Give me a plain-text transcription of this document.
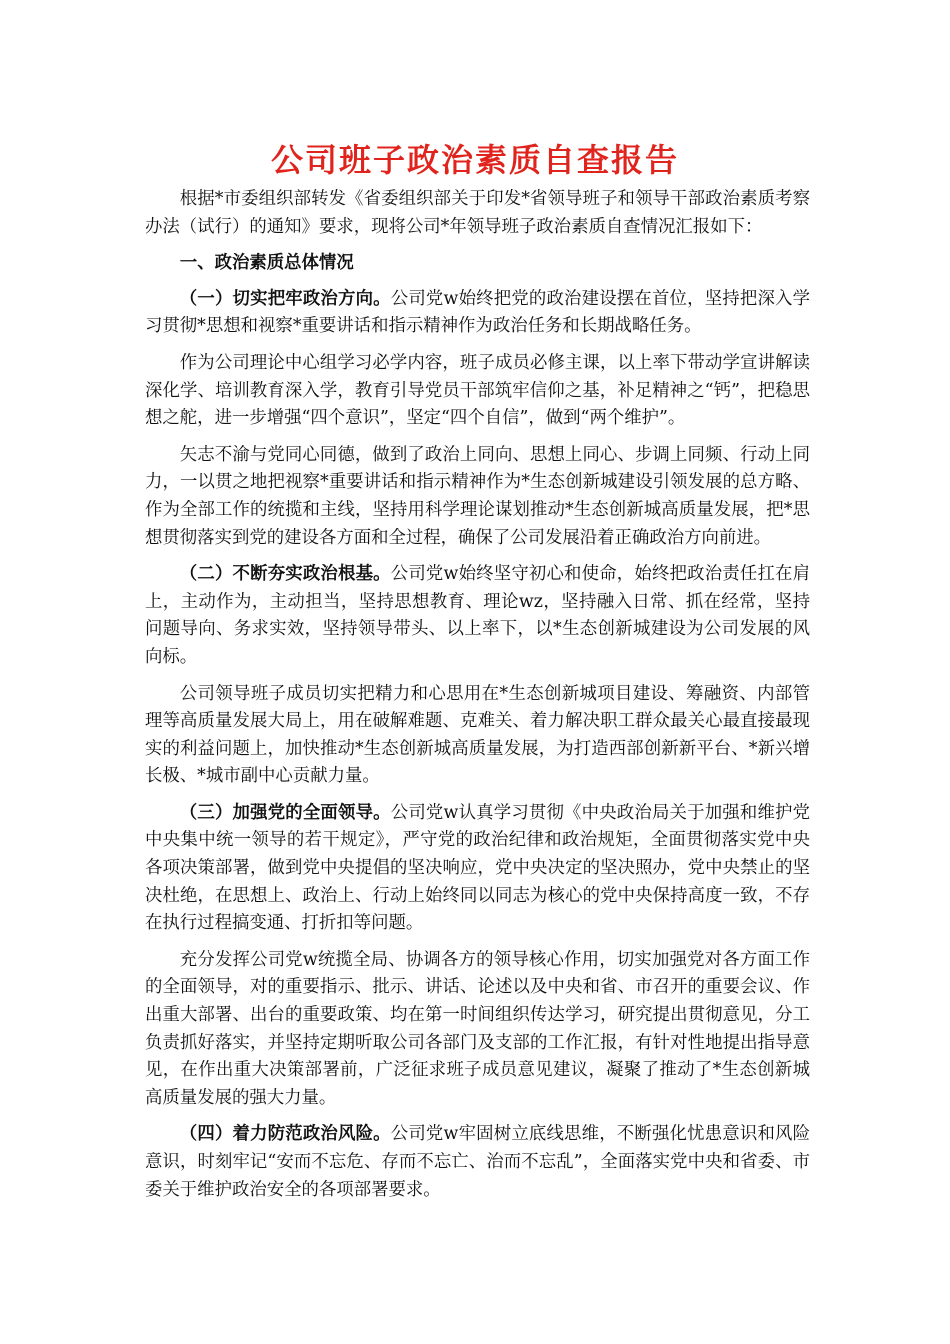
公司班子政治素质自查报告

根据*市委组织部转发《省委组织部关于印发*省领导班子和领导干部政治素质考察办法（试行）的通知》要求，现将公司*年领导班子政治素质自查情况汇报如下：

一、政治素质总体情况

（一）切实把牢政治方向。公司党w始终把党的政治建设摆在首位，坚持把深入学习贯彻*思想和视察*重要讲话和指示精神作为政治任务和长期战略任务。

作为公司理论中心组学习必学内容，班子成员必修主课，以上率下带动学宣讲解读深化学、培训教育深入学，教育引导党员干部筑牢信仰之基，补足精神之“钙”，把稳思想之舵，进一步增强“四个意识”，坚定“四个自信”，做到“两个维护”。

矢志不渝与党同心同德，做到了政治上同向、思想上同心、步调上同频、行动上同力，一以贯之地把视察*重要讲话和指示精神作为*生态创新城建设引领发展的总方略、作为全部工作的统揽和主线，坚持用科学理论谋划推动*生态创新城高质量发展，把*思想贯彻落实到党的建设各方面和全过程，确保了公司发展沿着正确政治方向前进。

（二）不断夯实政治根基。公司党w始终坚守初心和使命，始终把政治责任扛在肩上，主动作为，主动担当，坚持思想教育、理论wz，坚持融入日常、抓在经常，坚持问题导向、务求实效，坚持领导带头、以上率下，以*生态创新城建设为公司发展的风向标。

公司领导班子成员切实把精力和心思用在*生态创新城项目建设、筹融资、内部管理等高质量发展大局上，用在破解难题、克难关、着力解决职工群众最关心最直接最现实的利益问题上，加快推动*生态创新城高质量发展，为打造西部创新新平台、*新兴增长极、*城市副中心贡献力量。

（三）加强党的全面领导。公司党w认真学习贯彻《中央政治局关于加强和维护党中央集中统一领导的若干规定》，严守党的政治纪律和政治规矩，全面贯彻落实党中央各项决策部署，做到党中央提倡的坚决响应，党中央决定的坚决照办，党中央禁止的坚决杜绝，在思想上、政治上、行动上始终同以同志为核心的党中央保持高度一致，不存在执行过程搞变通、打折扣等问题。

充分发挥公司党w统揽全局、协调各方的领导核心作用，切实加强党对各方面工作的全面领导，对的重要指示、批示、讲话、论述以及中央和省、市召开的重要会议、作出重大部署、出台的重要政策、均在第一时间组织传达学习，研究提出贯彻意见，分工负责抓好落实，并坚持定期听取公司各部门及支部的工作汇报，有针对性地提出指导意见，在作出重大决策部署前，广泛征求班子成员意见建议，凝聚了推动了*生态创新城高质量发展的强大力量。

（四）着力防范政治风险。公司党w牢固树立底线思维，不断强化忧患意识和风险意识，时刻牢记“安而不忘危、存而不忘亡、治而不忘乱”，全面落实党中央和省委、市委关于维护政治安全的各项部署要求。
